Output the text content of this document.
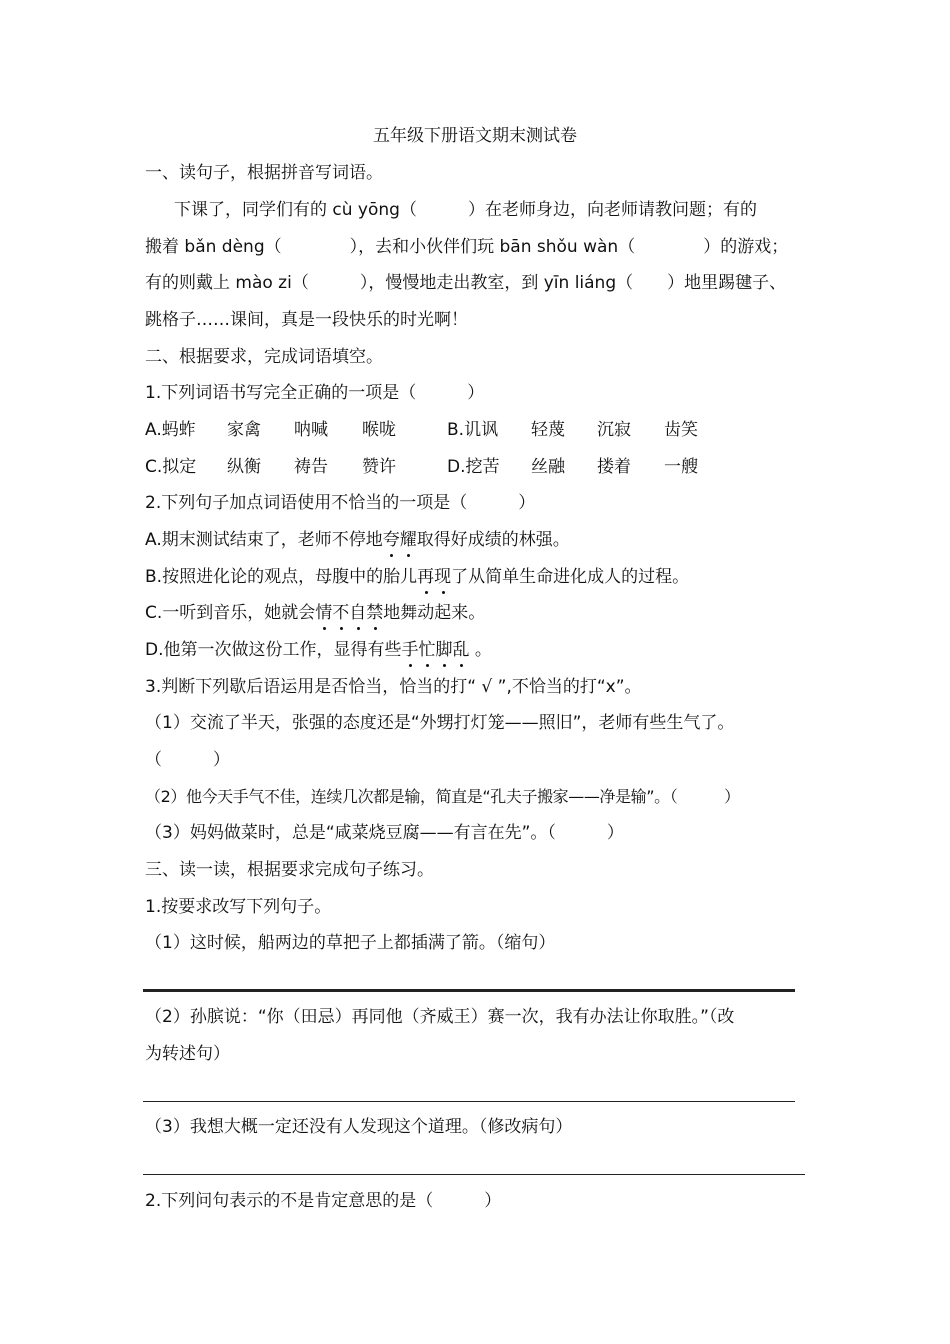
五年级下册语文期末测试卷
一、读句子，根据拼音写词语。
下课了，同学们有的 cù yōng（　　　）在老师身边，向老师请教问题；有的
搬着 bǎn dèng（　　　　），去和小伙伴们玩 bān shǒu wàn（　　　　）的游戏；
有的则戴上 mào zi（　　　），慢慢地走出教室，到 yīn liáng（　　）地里踢毽子、
跳格子……课间，真是一段快乐的时光啊！
二、根据要求，完成词语填空。
1.下列词语书写完全正确的一项是（　　　）
A.蚂蚱 家禽 呐喊 喉咙	B.讥讽 轻蔑 沉寂 齿笑
C.拟定 纵衡 祷告 赞许	D.挖苦 丝融 搂着 一艘
2.下列句子加点词语使用不恰当的一项是（　　　）
A.期末测试结束了，老师不停地夸耀取得好成绩的林强。
B.按照进化论的观点，母腹中的胎儿再现了从简单生命进化成人的过程。
C.一听到音乐，她就会情不自禁地舞动起来。
D.他第一次做这份工作，显得有些手忙脚乱 。
3.判断下列歇后语运用是否恰当，恰当的打“ √ ”,不恰当的打“x”。
（1）交流了半天，张强的态度还是“外甥打灯笼——照旧”，老师有些生气了。
（　　　）
（2）他今天手气不佳，连续几次都是输，简直是“孔夫子搬家——净是输”。（　　　）
（3）妈妈做菜时，总是“咸菜烧豆腐——有言在先”。（　　　）
三、读一读，根据要求完成句子练习。
1.按要求改写下列句子。
（1）这时候，船两边的草把子上都插满了箭。（缩句）
（2）孙膑说：“你（田忌）再同他（齐威王）赛一次，我有办法让你取胜。”（改
为转述句）
（3）我想大概一定还没有人发现这个道理。（修改病句）
2.下列问句表示的不是肯定意思的是（　　　）
